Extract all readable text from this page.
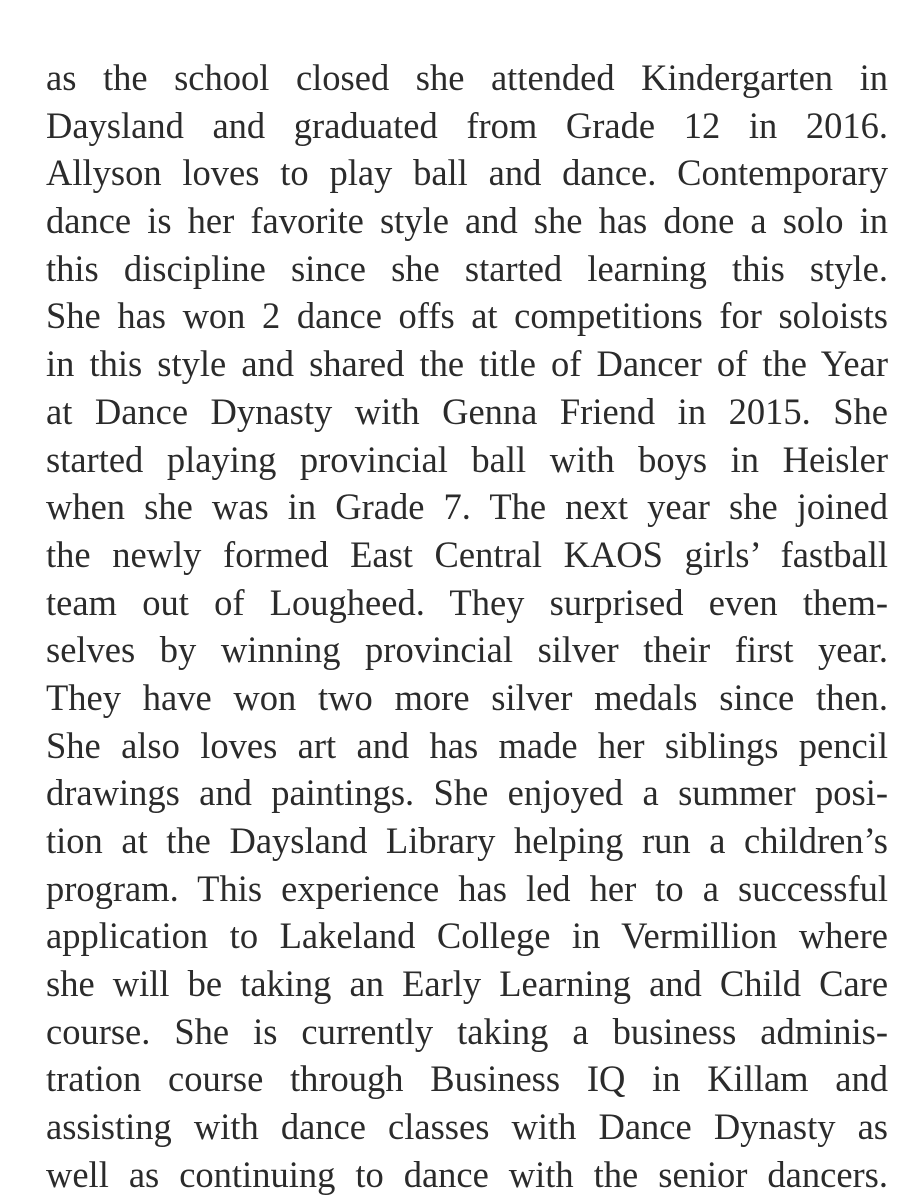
as the school closed she attended Kindergarten in
Daysland and graduated from Grade 12 in 2016.
Allyson loves to play ball and dance. Contemporary
dance is her favorite style and she has done a solo in
this discipline since she started learning this style.
She has won 2 dance offs at competitions for soloists
in this style and shared the title of Dancer of the Year
at Dance Dynasty with Genna Friend in 2015. She
started playing provincial ball with boys in Heisler
when she was in Grade 7. The next year she joined
the newly formed East Central KAOS girls’ fastball
team out of Lougheed. They surprised even them-
selves by winning provincial silver their first year.
They have won two more silver medals since then.
She also loves art and has made her siblings pencil
drawings and paintings. She enjoyed a summer posi-
tion at the Daysland Library helping run a children’s
program. This experience has led her to a successful
application to Lakeland College in Vermillion where
she will be taking an Early Learning and Child Care
course. She is currently taking a business adminis-
tration course through Business IQ in Killam and
assisting with dance classes with Dance Dynasty as
well as continuing to dance with the senior dancers.
